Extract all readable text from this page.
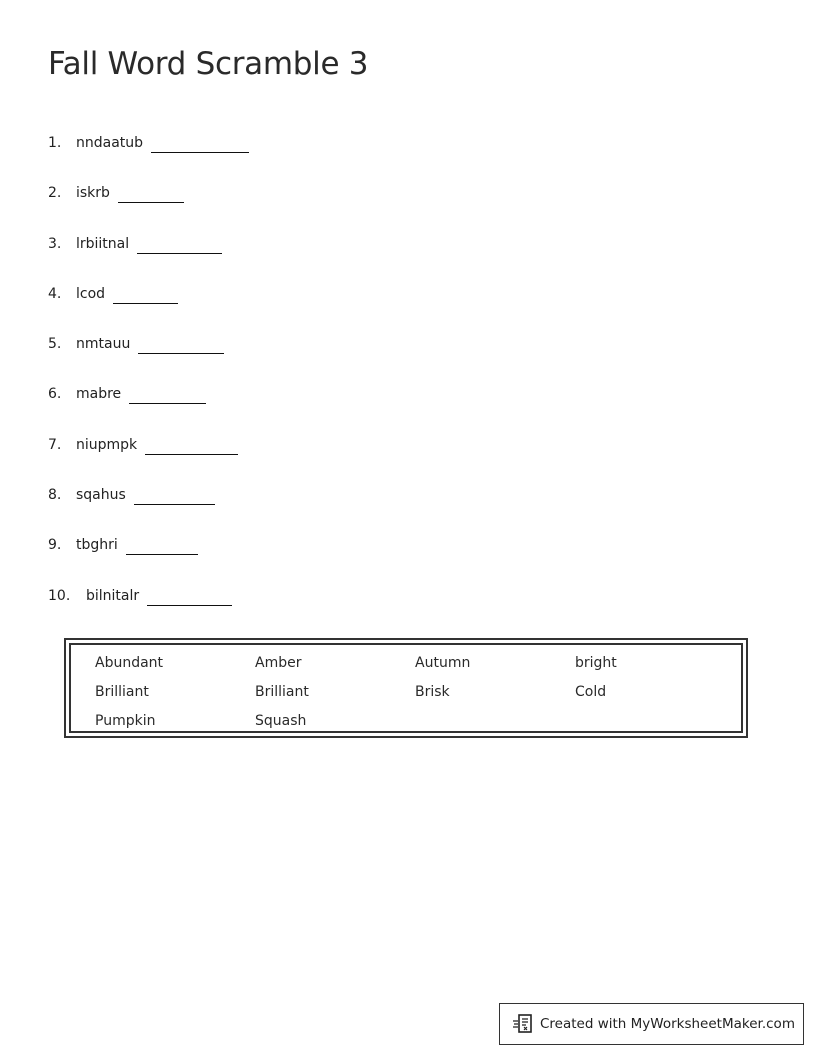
Fall Word Scramble 3
1.	nndaatub
2.	iskrb
3.	lrbiitnal
4.	lcod
5.	nmtauu
6.	mabre
7.	niupmpk
8.	sqahus
9.	tbghri
10.	bilnitalr
Abundant	Amber	Autumn	bright
Brilliant	Brilliant	Brisk	Cold
Pumpkin	Squash
Created with MyWorksheetMaker.com
